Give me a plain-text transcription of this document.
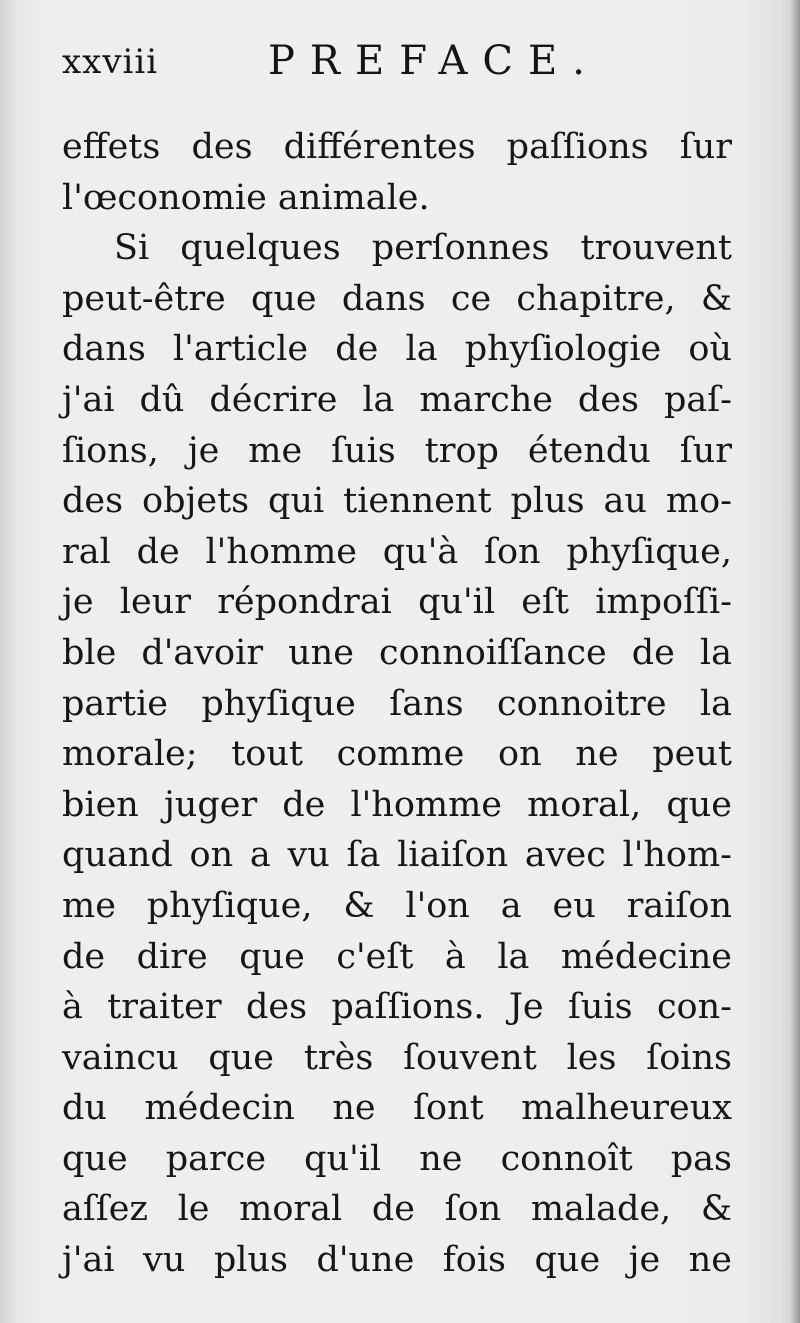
xxviii	PREFACE.
effets des différentes paſſions ſur
l'œconomie animale.
Si quelques perſonnes trouvent
peut-être que dans ce chapitre, &
dans l'article de la phyſiologie où
j'ai dû décrire la marche des paſ-
ſions, je me ſuis trop étendu ſur
des objets qui tiennent plus au mo-
ral de l'homme qu'à ſon phyſique,
je leur répondrai qu'il eſt impoſſi-
ble d'avoir une connoiſſance de la
partie phyſique ſans connoitre la
morale; tout comme on ne peut
bien juger de l'homme moral, que
quand on a vu ſa liaiſon avec l'hom-
me phyſique, & l'on a eu raiſon
de dire que c'eſt à la médecine
à traiter des paſſions. Je ſuis con-
vaincu que très ſouvent les ſoins
du médecin ne ſont malheureux
que parce qu'il ne connoît pas
aſſez le moral de ſon malade, &
j'ai vu plus d'une fois que je ne
